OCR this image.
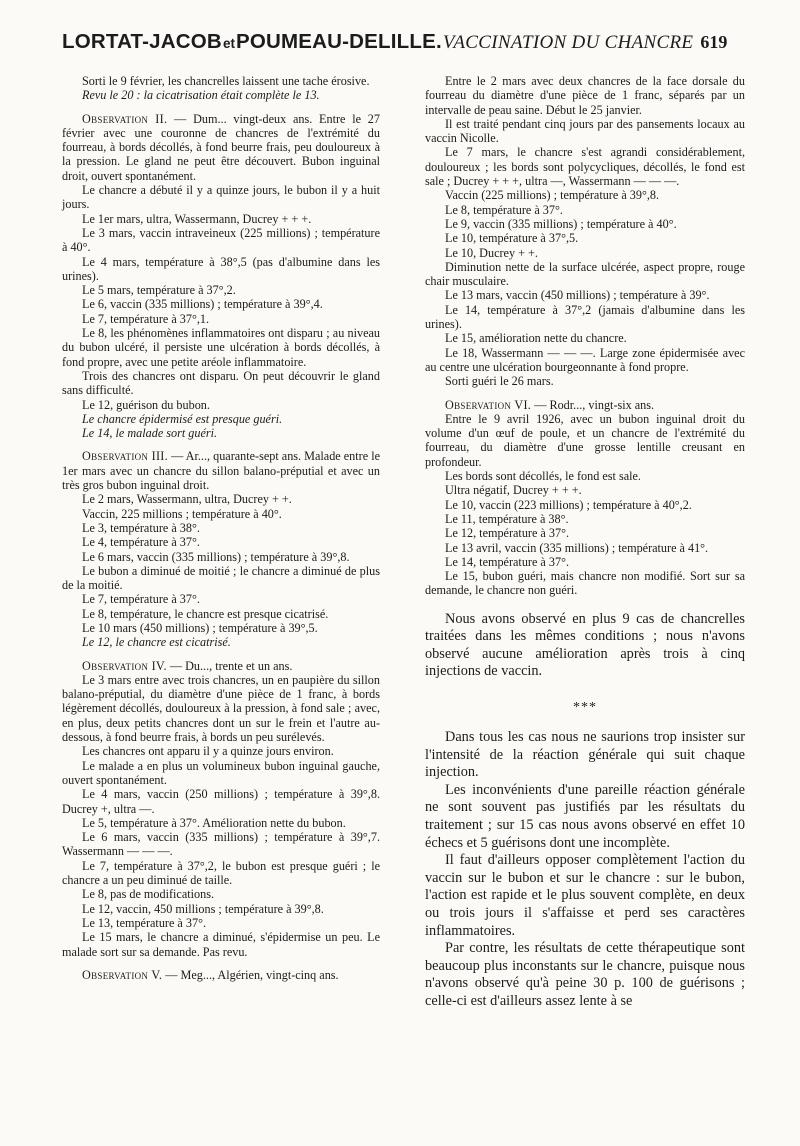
LORTAT-JACOB et POUMEAU-DELILLE. VACCINATION DU CHANCRE 619

Sorti le 9 février, les chancrelles laissent une tache érosive.

Revu le 20 : la cicatrisation était complète le 13.

Observation II. — Dum... vingt-deux ans. Entre le 27 février avec une couronne de chancres de l'extrémité du fourreau, à bords décollés, à fond beurre frais, peu douloureux à la pression. Le gland ne peut être découvert. Bubon inguinal droit, ouvert spontanément.

Le chancre a débuté il y a quinze jours, le bubon il y a huit jours.

Le 1er mars, ultra, Wassermann, Ducrey + + +.

Le 3 mars, vaccin intraveineux (225 millions) ; température à 40°.

Le 4 mars, température à 38°,5 (pas d'albumine dans les urines).

Le 5 mars, température à 37°,2.

Le 6, vaccin (335 millions) ; température à 39°,4.

Le 7, température à 37°,1.

Le 8, les phénomènes inflammatoires ont disparu ; au niveau du bubon ulcéré, il persiste une ulcération à bords décollés, à fond propre, avec une petite aréole inflammatoire.

Trois des chancres ont disparu. On peut découvrir le gland sans difficulté.

Le 12, guérison du bubon.

Le chancre épidermisé est presque guéri.

Le 14, le malade sort guéri.

Observation III. — Ar..., quarante-sept ans. Malade entre le 1er mars avec un chancre du sillon balano-préputial et avec un très gros bubon inguinal droit.

Le 2 mars, Wassermann, ultra, Ducrey + +.

Vaccin, 225 millions ; température à 40°.

Le 3, température à 38°.

Le 4, température à 37°.

Le 6 mars, vaccin (335 millions) ; température à 39°,8.

Le bubon a diminué de moitié ; le chancre a diminué de plus de la moitié.

Le 7, température à 37°.

Le 8, température, le chancre est presque cicatrisé.

Le 10 mars (450 millions) ; température à 39°,5.

Le 12, le chancre est cicatrisé.

Observation IV. — Du..., trente et un ans.

Le 3 mars entre avec trois chancres, un en paupière du sillon balano-préputial, du diamètre d'une pièce de 1 franc, à bords légèrement décollés, douloureux à la pression, à fond sale ; avec, en plus, deux petits chancres dont un sur le frein et l'autre au-dessous, à fond beurre frais, à bords un peu surélevés.

Les chancres ont apparu il y a quinze jours environ.

Le malade a en plus un volumineux bubon inguinal gauche, ouvert spontanément.

Le 4 mars, vaccin (250 millions) ; température à 39°,8. Ducrey +, ultra —.

Le 5, température à 37°. Amélioration nette du bubon.

Le 6 mars, vaccin (335 millions) ; température à 39°,7. Wassermann — — —.

Le 7, température à 37°,2, le bubon est presque guéri ; le chancre a un peu diminué de taille.

Le 8, pas de modifications.

Le 12, vaccin, 450 millions ; température à 39°,8.

Le 13, température à 37°.

Le 15 mars, le chancre a diminué, s'épidermise un peu. Le malade sort sur sa demande. Pas revu.

Observation V. — Meg..., Algérien, vingt-cinq ans.

Entre le 2 mars avec deux chancres de la face dorsale du fourreau du diamètre d'une pièce de 1 franc, séparés par un intervalle de peau saine. Début le 25 janvier.

Il est traité pendant cinq jours par des pansements locaux au vaccin Nicolle.

Le 7 mars, le chancre s'est agrandi considérablement, douloureux ; les bords sont polycycliques, décollés, le fond est sale ; Ducrey + + +, ultra —, Wassermann — — —.

Vaccin (225 millions) ; température à 39°,8.

Le 8, température à 37°.

Le 9, vaccin (335 millions) ; température à 40°.

Le 10, température à 37°,5.

Le 10, Ducrey + +.

Diminution nette de la surface ulcérée, aspect propre, rouge chair musculaire.

Le 13 mars, vaccin (450 millions) ; température à 39°.

Le 14, température à 37°,2 (jamais d'albumine dans les urines).

Le 15, amélioration nette du chancre.

Le 18, Wassermann — — —. Large zone épidermisée avec au centre une ulcération bourgeonnante à fond propre.

Sorti guéri le 26 mars.

Observation VI. — Rodr..., vingt-six ans.

Entre le 9 avril 1926, avec un bubon inguinal droit du volume d'un œuf de poule, et un chancre de l'extrémité du fourreau, du diamètre d'une grosse lentille creusant en profondeur.

Les bords sont décollés, le fond est sale.

Ultra négatif, Ducrey + + +.

Le 10, vaccin (223 millions) ; température à 40°,2.

Le 11, température à 38°.

Le 12, température à 37°.

Le 13 avril, vaccin (335 millions) ; température à 41°.

Le 14, température à 37°.

Le 15, bubon guéri, mais chancre non modifié. Sort sur sa demande, le chancre non guéri.

Nous avons observé en plus 9 cas de chancrelles traitées dans les mêmes conditions ; nous n'avons observé aucune amélioration après trois à cinq injections de vaccin.

***

Dans tous les cas nous ne saurions trop insister sur l'intensité de la réaction générale qui suit chaque injection.

Les inconvénients d'une pareille réaction générale ne sont souvent pas justifiés par les résultats du traitement ; sur 15 cas nous avons observé en effet 10 échecs et 5 guérisons dont une incomplète.

Il faut d'ailleurs opposer complètement l'action du vaccin sur le bubon et sur le chancre : sur le bubon, l'action est rapide et le plus souvent complète, en deux ou trois jours il s'affaisse et perd ses caractères inflammatoires.

Par contre, les résultats de cette thérapeutique sont beaucoup plus inconstants sur le chancre, puisque nous n'avons observé qu'à peine 30 p. 100 de guérisons ; celle-ci est d'ailleurs assez lente à se
